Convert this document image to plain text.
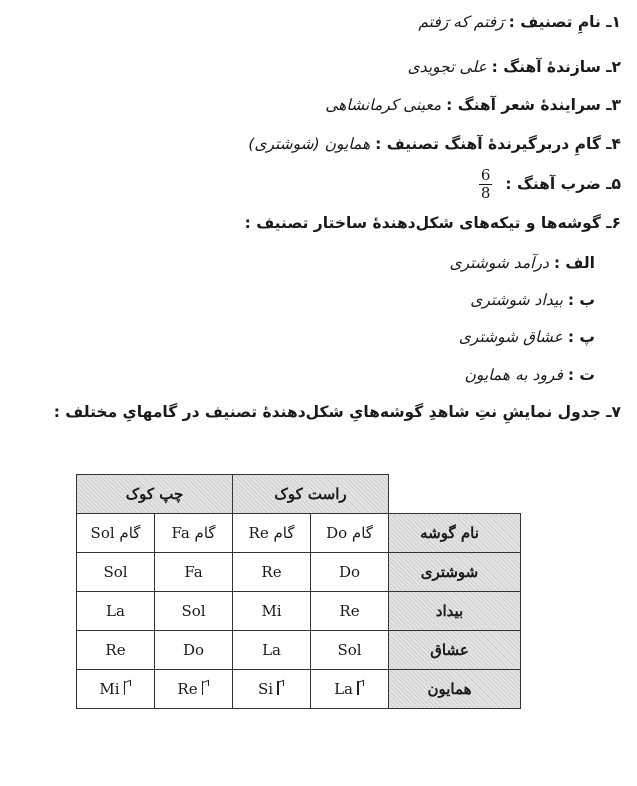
۱ـ نامِ تصنیف : رَفتم که رَفتم
۲ـ سازندهٔ آهنگ : علی تجویدی
۳ـ سرایندهٔ شعر آهنگ : معینی کرمانشاهی
۴ـ گامِ دربرگیرندهٔ آهنگ تصنیف : همایون (شوشتری)
۵ـ ضرب آهنگ :
$\frac{6}{8}$
۶ـ گوشه‌ها و تیکه‌های شکل‌دهندهٔ ساختار تصنیف :
الف : درآمد شوشتری
ب : بیداد شوشتری
پ : عشاق شوشتری
ت : فرود به همایون
۷ـ جدول نمایشِ نتِ شاهدِ گوشه‌هایِ شکل‌دهندهٔ تصنیف در گامهایِ مختلف :
چپ کوک		راست کوک		
گام Sol	گام Fa	گام Re	گام Do	نام گوشه
Sol	Fa	Re	Do	شوشتری
La	Sol	Mi	Re	بیداد
Re	Do	La	Sol	عشاق
Mi	Re	Si	La	همایون
